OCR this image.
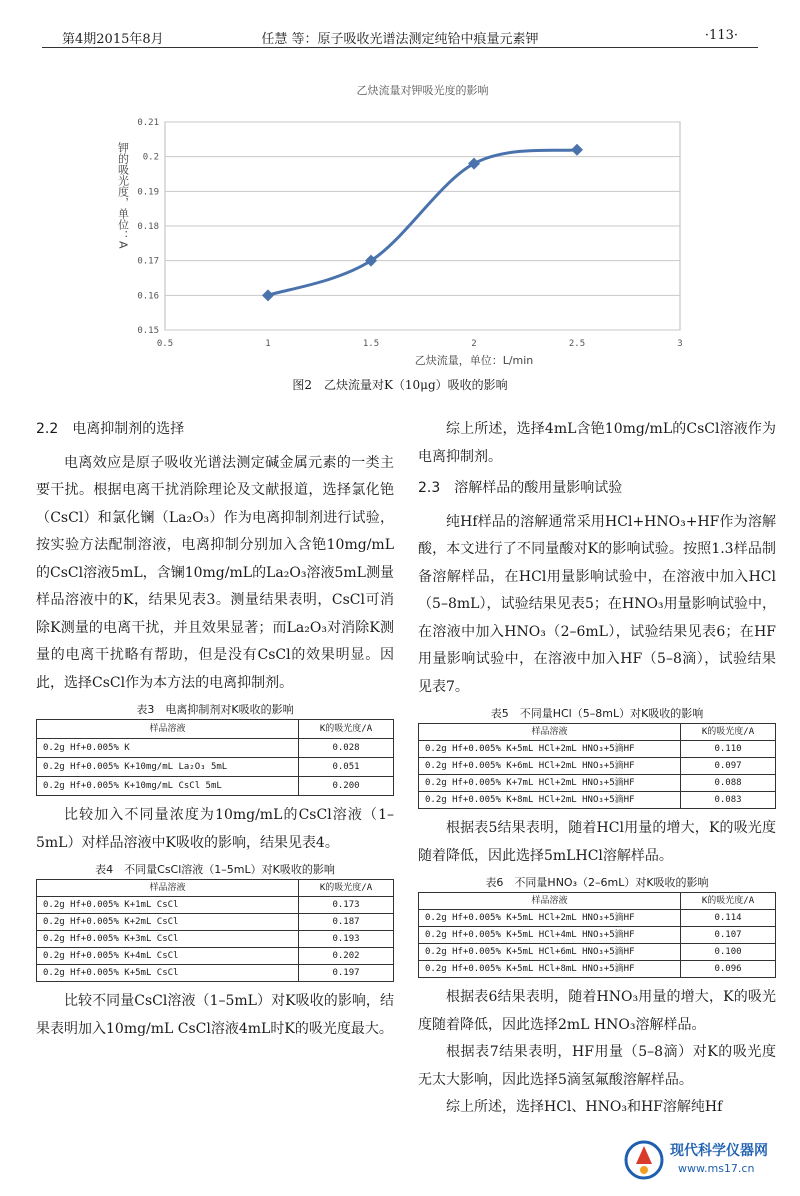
第4期2015年8月	任慧 等：原子吸收光谱法测定纯铪中痕量元素钾	·113·
乙炔流量对钾吸光度的影响
0.15
0.16
0.17
0.18
0.19
0.2
0.21
0.5	1	1.5	2	2.5	3
乙炔流量，单位：L/min
钾的吸光度，单位：A
图2　乙炔流量对K（10μg）吸收的影响
2.2 电离抑制剂的选择

电离效应是原子吸收光谱法测定碱金属元素的一类主要干扰。根据电离干扰消除理论及文献报道，选择氯化铯（CsCl）和氯化镧（La₂O₃）作为电离抑制剂进行试验，按实验方法配制溶液，电离抑制分别加入含铯10mg/mL的CsCl溶液5mL，含镧10mg/mL的La₂O₃溶液5mL测量样品溶液中的K，结果见表3。测量结果表明，CsCl可消除K测量的电离干扰，并且效果显著；而La₂O₃对消除K测量的电离干扰略有帮助，但是没有CsCl的效果明显。因此，选择CsCl作为本方法的电离抑制剂。

表3　电离抑制剂对K吸收的影响
样品溶液	K的吸光度/A
0.2g Hf+0.005% K	0.028
0.2g Hf+0.005% K+10mg/mL La₂O₃ 5mL	0.051
0.2g Hf+0.005% K+10mg/mL CsCl 5mL	0.200

比较加入不同量浓度为10mg/mL的CsCl溶液（1–5mL）对样品溶液中K吸收的影响，结果见表4。

表4　不同量CsCl溶液（1–5mL）对K吸收的影响
样品溶液	K的吸光度/A
0.2g Hf+0.005% K+1mL CsCl	0.173
0.2g Hf+0.005% K+2mL CsCl	0.187
0.2g Hf+0.005% K+3mL CsCl	0.193
0.2g Hf+0.005% K+4mL CsCl	0.202
0.2g Hf+0.005% K+5mL CsCl	0.197

比较不同量CsCl溶液（1–5mL）对K吸收的影响，结果表明加入10mg/mL CsCl溶液4mL时K的吸光度最大。

综上所述，选择4mL含铯10mg/mL的CsCl溶液作为电离抑制剂。

2.3 溶解样品的酸用量影响试验

纯Hf样品的溶解通常采用HCl+HNO₃+HF作为溶解酸，本文进行了不同量酸对K的影响试验。按照1.3样品制备溶解样品，在HCl用量影响试验中，在溶液中加入HCl（5–8mL），试验结果见表5；在HNO₃用量影响试验中，在溶液中加入HNO₃（2–6mL），试验结果见表6；在HF用量影响试验中，在溶液中加入HF（5–8滴），试验结果见表7。

表5　不同量HCl（5–8mL）对K吸收的影响
样品溶液	K的吸光度/A
0.2g Hf+0.005% K+5mL HCl+2mL HNO₃+5滴HF	0.110
0.2g Hf+0.005% K+6mL HCl+2mL HNO₃+5滴HF	0.097
0.2g Hf+0.005% K+7mL HCl+2mL HNO₃+5滴HF	0.088
0.2g Hf+0.005% K+8mL HCl+2mL HNO₃+5滴HF	0.083

根据表5结果表明，随着HCl用量的增大，K的吸光度随着降低，因此选择5mLHCl溶解样品。

表6　不同量HNO₃（2–6mL）对K吸收的影响
样品溶液	K的吸光度/A
0.2g Hf+0.005% K+5mL HCl+2mL HNO₃+5滴HF	0.114
0.2g Hf+0.005% K+5mL HCl+4mL HNO₃+5滴HF	0.107
0.2g Hf+0.005% K+5mL HCl+6mL HNO₃+5滴HF	0.100
0.2g Hf+0.005% K+5mL HCl+8mL HNO₃+5滴HF	0.096

根据表6结果表明，随着HNO₃用量的增大，K的吸光度随着降低，因此选择2mL HNO₃溶解样品。

根据表7结果表明，HF用量（5–8滴）对K的吸光度无太大影响，因此选择5滴氢氟酸溶解样品。

综上所述，选择HCl、HNO₃和HF溶解纯Hf

现代科学仪器网
www.ms17.cn
